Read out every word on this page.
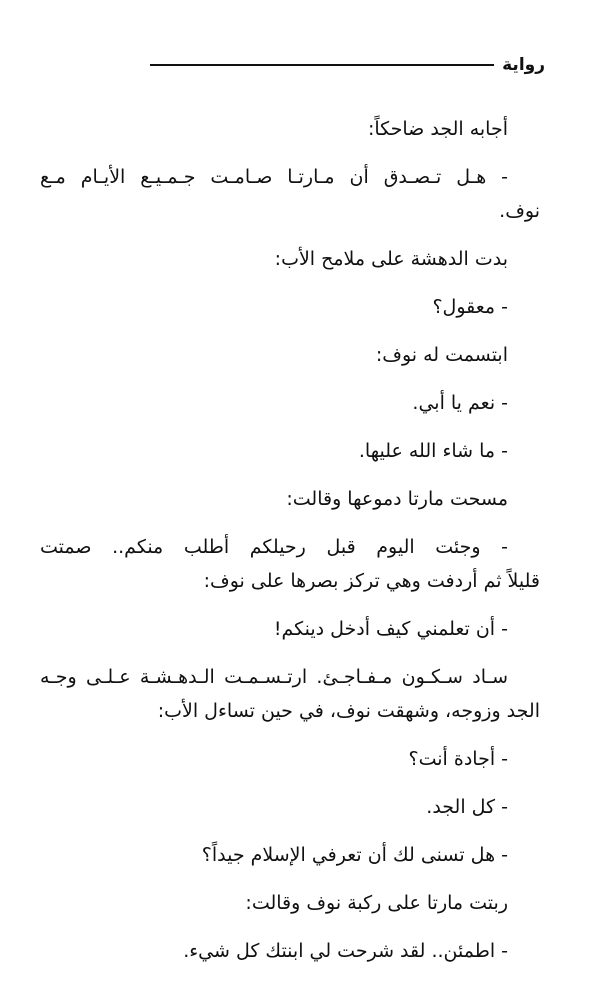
رواية

أجابه الجد ضاحكاً:

- هـل تـصـدق أن مـارتـا صـامـت جـمـيـع الأيـام مـع
نوف.

بدت الدهشة على ملامح الأب:

- معقول؟

ابتسمت له نوف:

- نعم يا أبي.

- ما شاء الله عليها.

مسحت مارتا دموعها وقالت:

- وجئت اليوم قبل رحيلكم أطلب منكم.. صمتت
قليلاً ثم أردفت وهي تركز بصرها على نوف:

- أن تعلمني كيف أدخل دينكم!

سـاد سـكـون مـفـاجـئ. ارتـسـمـت الـدهـشـة عـلـى وجـه
الجد وزوجه، وشهقت نوف، في حين تساءل الأب:

- أجادة أنت؟

- كل الجد.

- هل تسنى لك أن تعرفي الإسلام جيداً؟

ربتت مارتا على ركبة نوف وقالت:

- اطمئن.. لقد شرحت لي ابنتك كل شيء.
